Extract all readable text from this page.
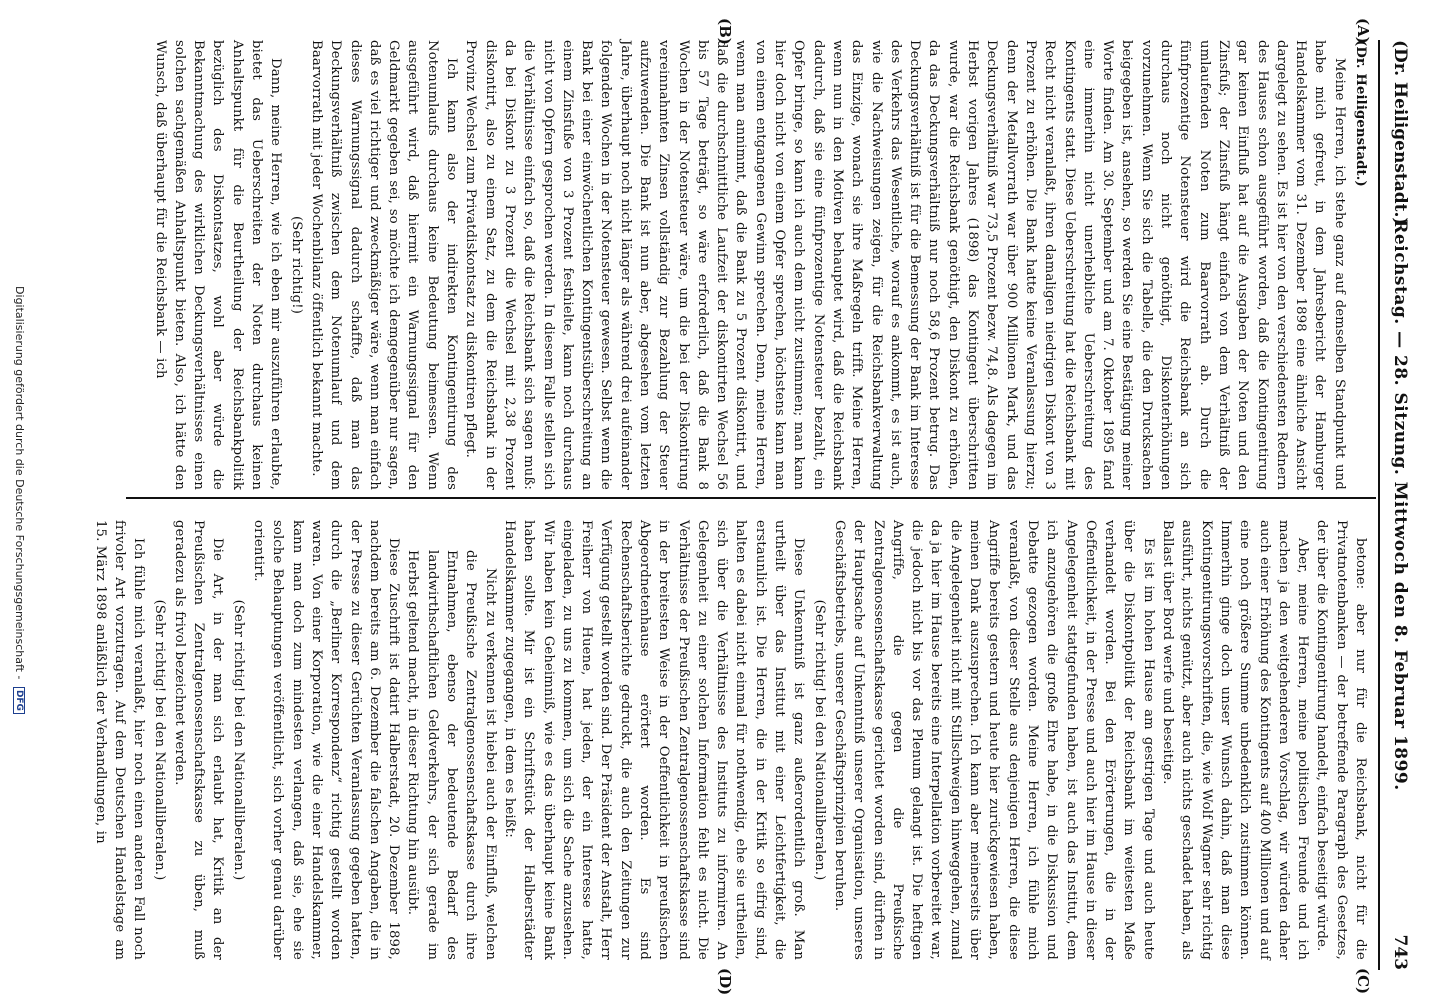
(Dr. Heiligenstadt.)
Reichstag. — 28. Sitzung. Mittwoch den 8. Februar 1899.
743
(A)
(B)
(C)
(D)

(Dr. Heiligenstadt.)

Meine Herren, ich stehe ganz auf demselben Standpunkt und habe mich gefreut, in dem Jahresbericht der Hamburger Handelskammer vom 31. Dezember 1898 eine ähnliche Ansicht dargelegt zu sehen. Es ist hier von den verschiedensten Rednern des Hauses schon ausgeführt worden, daß die Kontingentirung gar keinen Einfluß hat auf die Ausgaben der Noten und den Zinsfuß; der Zinsfuß hängt einfach von dem Verhältniß der umlaufenden Noten zum Baarvorrath ab. Durch die fünfprozentige Notensteuer wird die Reichsbank an sich durchaus noch nicht genöthigt, Diskonterhöhungen vorzunehmen. Wenn Sie sich die Tabelle, die den Drucksachen beigegeben ist, ansehen, so werden Sie eine Bestätigung meiner Worte finden. Am 30. September und am 7. Oktober 1895 fand eine immerhin nicht unerhebliche Ueberschreitung des Kontingents statt. Diese Ueberschreitung hat die Reichsbank mit Recht nicht veranlaßt, ihren damaligen niedrigen Diskont von 3 Prozent zu erhöhen. Die Bank hatte keine Veranlassung hierzu; denn der Metallvorrath war über 900 Millionen Mark, und das Deckungsverhältniß war 73,5 Prozent bezw. 74,8. Als dagegen im Herbst vorigen Jahres (1898) das Kontingent überschritten wurde, war die Reichsbank genöthigt, den Diskont zu erhöhen, da das Deckungsverhältniß nur noch 58,6 Prozent betrug. Das Deckungsverhältniß ist für die Bemessung der Bank im Interesse des Verkehrs das Wesentliche, worauf es ankommt, es ist auch, wie die Nachweisungen zeigen, für die Reichsbankverwaltung das Einzige, wonach sie ihre Maßregeln trifft. Meine Herren, wenn nun in den Motiven behauptet wird, daß die Reichsbank dadurch, daß sie eine fünfprozentige Notensteuer bezahlt, ein Opfer bringe, so kann ich auch dem nicht zustimmen; man kann hier doch nicht von einem Opfer sprechen, höchstens kann man von einem entgangenen Gewinn sprechen. Denn, meine Herren, wenn man annimmt, daß die Bank zu 5 Prozent diskontirt, und daß die durchschnittliche Laufzeit der diskontirten Wechsel 56 bis 57 Tage beträgt, so wäre erforderlich, daß die Bank 8 Wochen in der Notensteuer wäre, um die bei der Diskontirung vereinnahmten Zinsen vollständig zur Bezahlung der Steuer aufzuwenden. Die Bank ist nun aber, abgesehen vom letzten Jahre, überhaupt noch nicht länger als während drei aufeinander folgenden Wochen in der Notensteuer gewesen. Selbst wenn die Bank bei einer einwöchentlichen Kontingentsüberschreitung an einem Zinsfuße von 3 Prozent festhielte, kann noch durchaus nicht von Opfern gesprochen werden. In diesem Falle stellen sich die Verhältnisse einfach so, daß die Reichsbank sich sagen muß: da bei Diskont zu 3 Prozent die Wechsel mit 2,38 Prozent diskontirt, also zu einem Satz, zu dem die Reichsbank in der Provinz Wechsel zum Privatdiskontsatz zu diskontiren pflegt.

Ich kann also der indirekten Kontingentirung des Notenumlaufs durchaus keine Bedeutung beimessen. Wenn ausgeführt wird, daß hiermit ein Warnungssignal für den Geldmarkt gegeben sei, so möchte ich demgegenüber nur sagen, daß es viel richtiger und zweckmäßiger wäre, wenn man einfach dieses Warnungssignal dadurch schaffte, daß man das Deckungsverhältniß zwischen dem Notenumlauf und dem Baarvorrath mit jeder Wochenbilanz öffentlich bekannt machte.

(Sehr richtig!)

Dann, meine Herren, wie ich eben mir auszuführen erlaubte, bietet das Ueberschreiten der Noten durchaus keinen Anhaltspunkt für die Beurtheilung der Reichsbankpolitik bezüglich des Diskontsatzes, wohl aber würde die Bekanntmachung des wirklichen Deckungsverhältnisses einen solchen sachgemäßen Anhaltspunkt bieten. Also, ich hätte den Wunsch, daß überhaupt für die Reichsbank — ich

betone: aber nur für die Reichsbank, nicht für die Privatnotenbanken — der betreffende Paragraph des Gesetzes, der über die Kontingentirung handelt, einfach beseitigt würde.

Aber, meine Herren, meine politischen Freunde und ich machen ja den weitgehenderen Vorschlag, wir würden daher auch einer Erhöhung des Kontingents auf 400 Millionen und auf eine noch größere Summe unbedenklich zustimmen können. Immerhin ginge doch unser Wunsch dahin, daß man diese Kontingentirungsvorschriften, die, wie Wolf Wagner sehr richtig ausführt, nichts genützt, aber auch nichts geschadet haben, als Ballast über Bord werfe und beseitige.

Es ist im hohen Hause am gestrigen Tage und auch heute über die Diskontpolitik der Reichsbank im weitesten Maße verhandelt worden. Bei den Erörterungen, die in der Oeffentlichkeit, in der Presse und auch hier im Hause in dieser Angelegenheit stattgefunden haben, ist auch das Institut, dem ich anzugehören die große Ehre habe, in die Diskussion und Debatte gezogen worden. Meine Herren, ich fühle mich veranlaßt, von dieser Stelle aus denjenigen Herren, die diese Angriffe bereits gestern und heute hier zurückgewiesen haben, meinen Dank auszusprechen. Ich kann aber meinerseits über die Angelegenheit nicht mit Stillschweigen hinweggehen, zumal da ja hier im Hause bereits eine Interpellation vorbereitet war, die jedoch nicht bis vor das Plenum gelangt ist. Die heftigen Angriffe, die gegen die Preußische Zentralgenossenschaftskasse gerichtet worden sind, dürften in der Hauptsache auf Unkenntniß unserer Organisation, unseres Geschäftsbetriebs, unserer Geschäftsprinzipien beruhen.

(Sehr richtig! bei den Nationalliberalen.)

Diese Unkenntniß ist ganz außerordentlich groß. Man urtheilt über das Institut mit einer Leichtfertigkeit, die erstaunlich ist. Die Herren, die in der Kritik so eifrig sind, halten es dabei nicht einmal für nothwendig, ehe sie urtheilen, sich über die Verhältnisse des Instituts zu informiren. An Gelegenheit zu einer solchen Information fehlt es nicht. Die Verhältnisse der Preußischen Zentralgenossenschaftskasse sind in der breitesten Weise in der Oeffentlichkeit in preußischen Abgeordnetenhause erörtert worden. Es sind Rechenschaftsberichte gedruckt, die auch den Zeitungen zur Verfügung gestellt worden sind. Der Präsident der Anstalt, Herr Freiherr von Huene, hat jeden, der ein Interesse hatte, eingeladen, zu uns zu kommen, um sich die Sache anzusehen. Wir haben kein Geheimniß, wie es das überhaupt keine Bank haben sollte. Mir ist ein Schriftstück der Halberstädter Handelskammer zugegangen, in dem es heißt:

Nicht zu verkennen ist hiebei auch der Einfluß, welchen die Preußische Zentralgenossenschaftskasse durch ihre Entnahmen, ebenso der bedeutende Bedarf des landwirthschaftlichen Geldverkehrs, der sich gerade im Herbst geltend macht, in dieser Richtung hin ausübt.

Diese Zuschrift ist datirt Halberstadt, 20. Dezember 1898, nachdem bereits am 6. Dezember die falschen Angaben, die in der Presse zu dieser Gerüchten Veranlassung gegeben hatten, durch die „Berliner Korrespondenz“ richtig gestellt worden waren. Von einer Korporation, wie die einer Handelskammer, kann man doch zum mindesten verlangen, daß sie, ehe sie solche Behauptungen veröffentlicht, sich vorher genau darüber orientirt.

(Sehr richtig! bei den Nationalliberalen.)

Die Art, in der man sich erlaubt hat, Kritik an der Preußischen Zentralgenossenschaftskasse zu üben, muß geradezu als frivol bezeichnet werden.

(Sehr richtig! bei den Nationalliberalen.)

Ich fühle mich veranlaßt, hier noch einen anderen Fall noch frivoler Art vorzutragen. Auf dem Deutschen Handelstage am 15. März 1898 anläßlich der Verhandlungen, in

Digitalisierung gefördert durch die Deutsche Forschungsgemeinschaft - DFG
